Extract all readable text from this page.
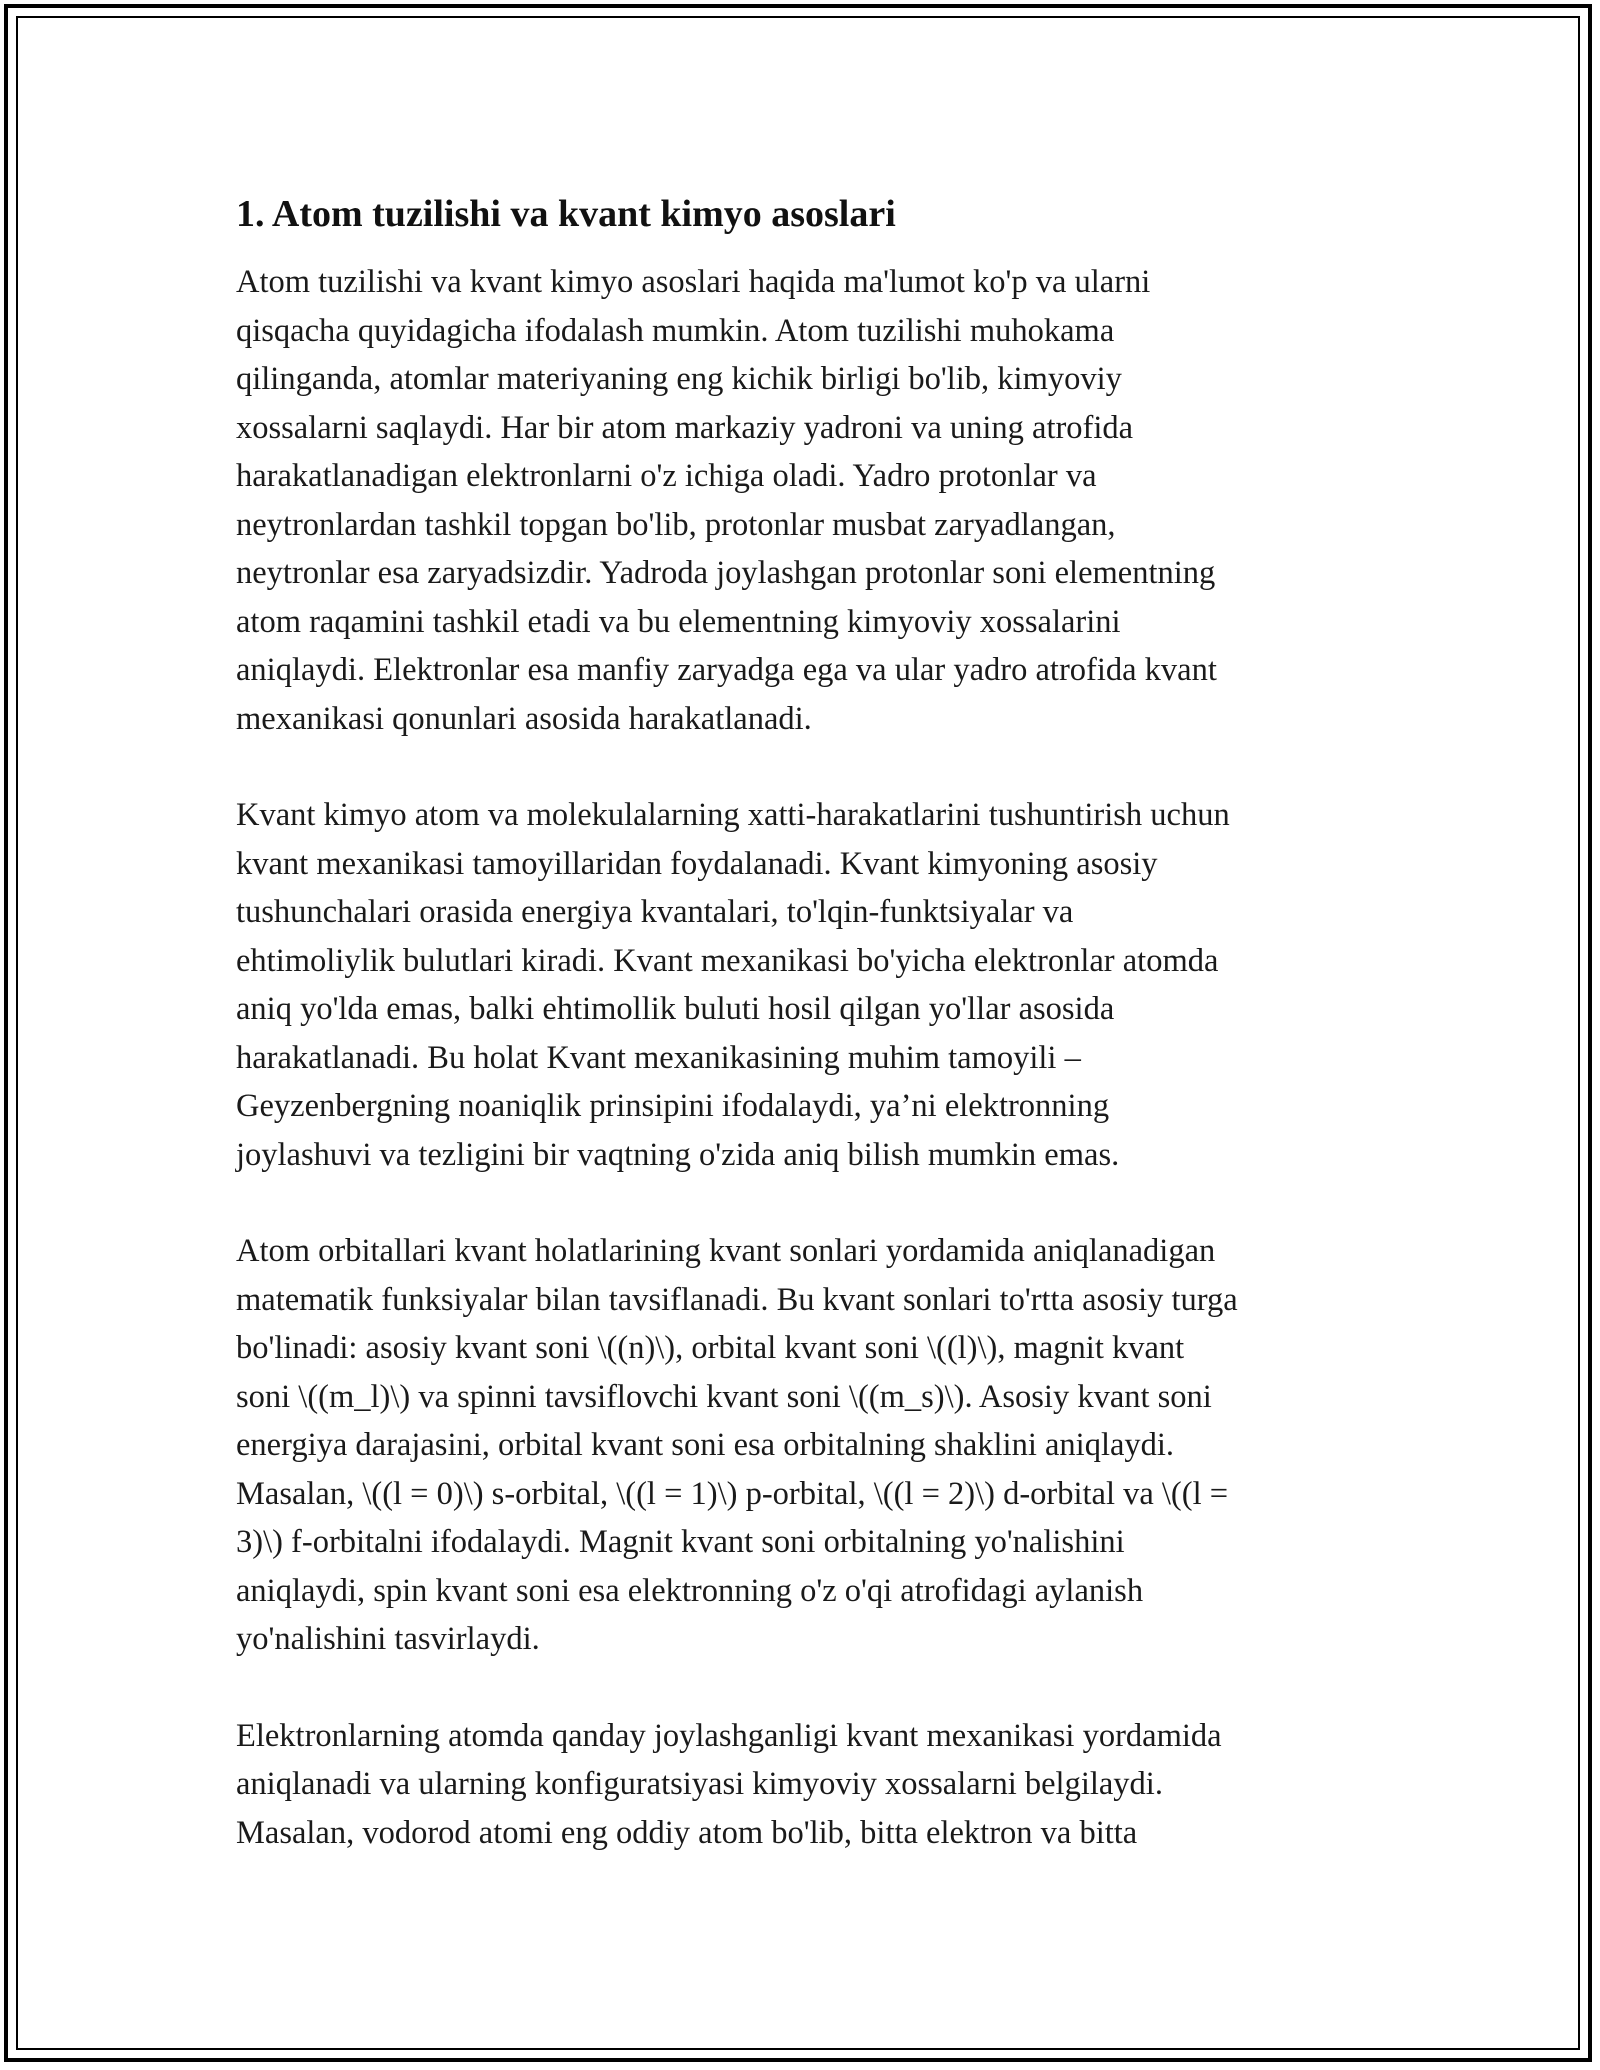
1. Atom tuzilishi va kvant kimyo asoslari

Atom tuzilishi va kvant kimyo asoslari haqida ma'lumot ko'p va ularni
qisqacha quyidagicha ifodalash mumkin. Atom tuzilishi muhokama
qilinganda, atomlar materiyaning eng kichik birligi bo'lib, kimyoviy
xossalarni saqlaydi. Har bir atom markaziy yadroni va uning atrofida
harakatlanadigan elektronlarni o'z ichiga oladi. Yadro protonlar va
neytronlardan tashkil topgan bo'lib, protonlar musbat zaryadlangan,
neytronlar esa zaryadsizdir. Yadroda joylashgan protonlar soni elementning
atom raqamini tashkil etadi va bu elementning kimyoviy xossalarini
aniqlaydi. Elektronlar esa manfiy zaryadga ega va ular yadro atrofida kvant
mexanikasi qonunlari asosida harakatlanadi.

Kvant kimyo atom va molekulalarning xatti-harakatlarini tushuntirish uchun
kvant mexanikasi tamoyillaridan foydalanadi. Kvant kimyoning asosiy
tushunchalari orasida energiya kvantalari, to'lqin-funktsiyalar va
ehtimoliylik bulutlari kiradi. Kvant mexanikasi bo'yicha elektronlar atomda
aniq yo'lda emas, balki ehtimollik buluti hosil qilgan yo'llar asosida
harakatlanadi. Bu holat Kvant mexanikasining muhim tamoyili –
Geyzenbergning noaniqlik prinsipini ifodalaydi, ya’ni elektronning
joylashuvi va tezligini bir vaqtning o'zida aniq bilish mumkin emas.

Atom orbitallari kvant holatlarining kvant sonlari yordamida aniqlanadigan
matematik funksiyalar bilan tavsiflanadi. Bu kvant sonlari to'rtta asosiy turga
bo'linadi: asosiy kvant soni \((n)\), orbital kvant soni \((l)\), magnit kvant
soni \((m_l)\) va spinni tavsiflovchi kvant soni \((m_s)\). Asosiy kvant soni
energiya darajasini, orbital kvant soni esa orbitalning shaklini aniqlaydi.
Masalan, \((l = 0)\) s-orbital, \((l = 1)\) p-orbital, \((l = 2)\) d-orbital va \((l =
3)\) f-orbitalni ifodalaydi. Magnit kvant soni orbitalning yo'nalishini
aniqlaydi, spin kvant soni esa elektronning o'z o'qi atrofidagi aylanish
yo'nalishini tasvirlaydi.

Elektronlarning atomda qanday joylashganligi kvant mexanikasi yordamida
aniqlanadi va ularning konfiguratsiyasi kimyoviy xossalarni belgilaydi.
Masalan, vodorod atomi eng oddiy atom bo'lib, bitta elektron va bitta
